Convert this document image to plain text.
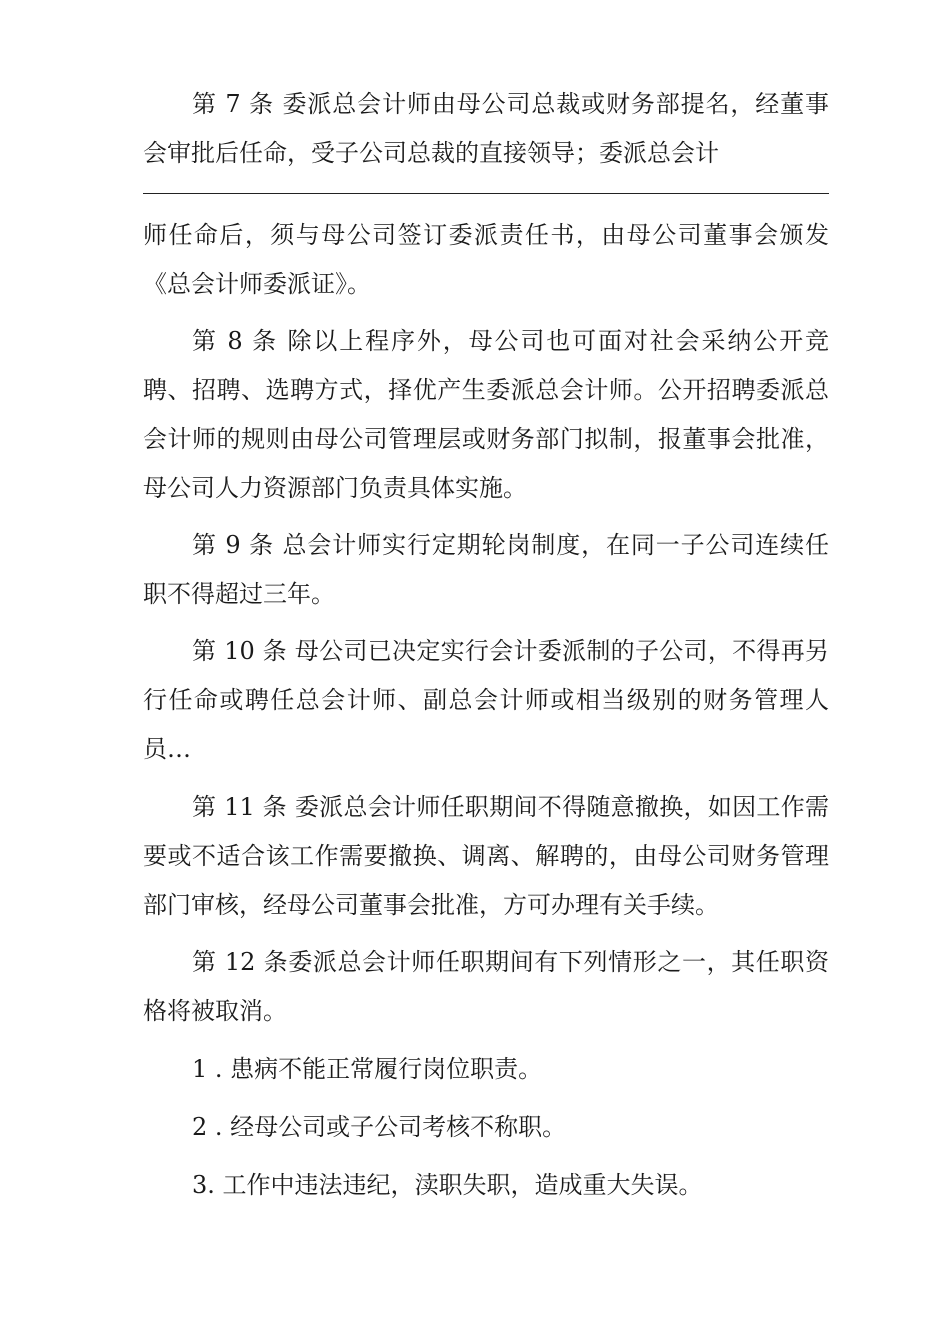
第 7 条 委派总会计师由母公司总裁或财务部提名，经董事会审批后任命，受子公司总裁的直接领导；委派总会计

师任命后，须与母公司签订委派责任书，由母公司董事会颁发《总会计师委派证》。

第 8 条 除以上程序外，母公司也可面对社会采纳公开竞聘、招聘、选聘方式，择优产生委派总会计师。公开招聘委派总会计师的规则由母公司管理层或财务部门拟制，报董事会批准，母公司人力资源部门负责具体实施。

第 9 条 总会计师实行定期轮岗制度，在同一子公司连续任职不得超过三年。

第 10 条 母公司已决定实行会计委派制的子公司，不得再另行任命或聘任总会计师、副总会计师或相当级别的财务管理人员…

第 11 条 委派总会计师任职期间不得随意撤换，如因工作需要或不适合该工作需要撤换、调离、解聘的，由母公司财务管理部门审核，经母公司董事会批准，方可办理有关手续。

第 12 条委派总会计师任职期间有下列情形之一，其任职资格将被取消。

1 . 患病不能正常履行岗位职责。

2 . 经母公司或子公司考核不称职。

3. 工作中违法违纪，渎职失职，造成重大失误。
